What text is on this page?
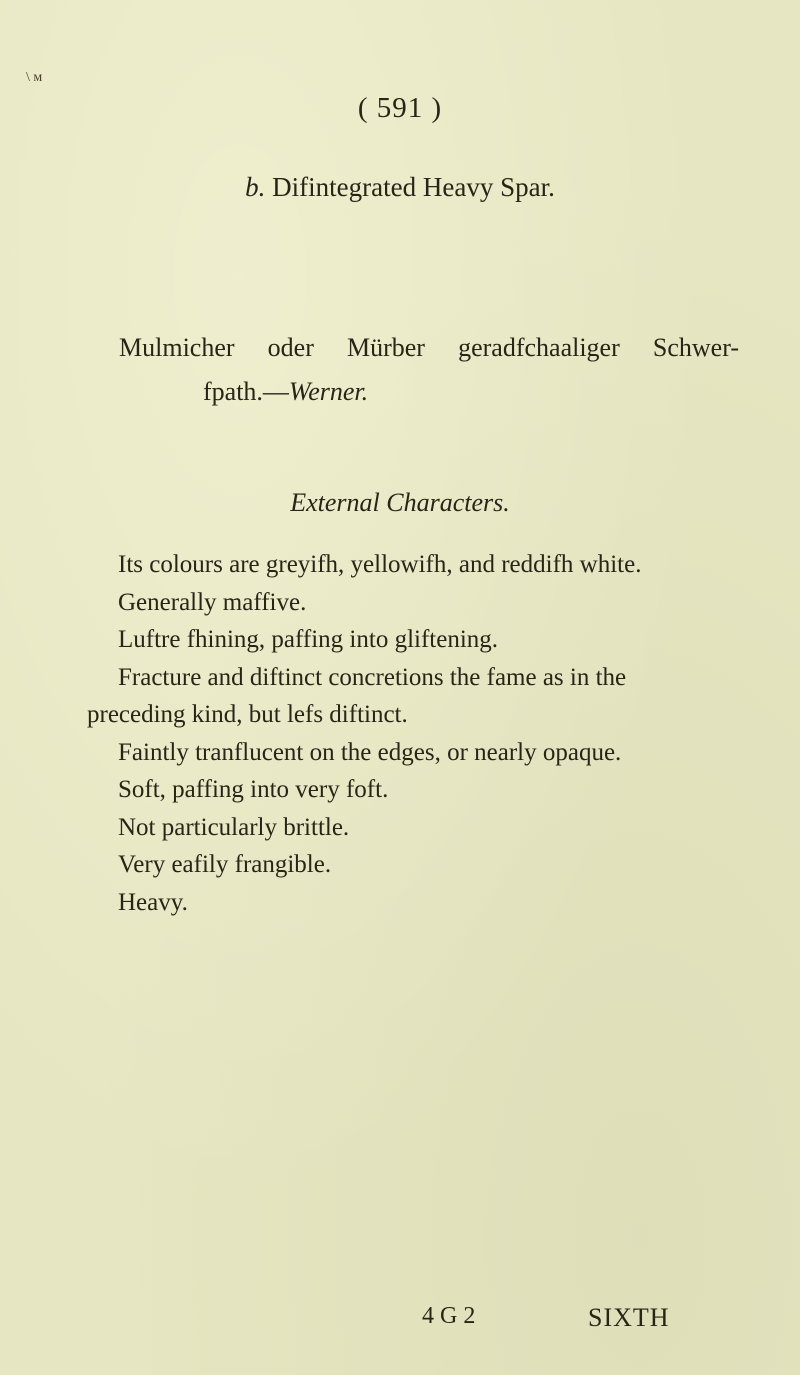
\ м
( 591 )
b. Difintegrated Heavy Spar.
Mulmicher oder Mürber geradfchaaliger Schwer-
fpath.—Werner.
External Characters.
Its colours are greyifh, yellowifh, and reddifh white.
Generally maffive.
Luftre fhining, paffing into gliftening.
Fracture and diftinct concretions the fame as in the
preceding kind, but lefs diftinct.
Faintly tranflucent on the edges, or nearly opaque.
Soft, paffing into very foft.
Not particularly brittle.
Very eafily frangible.
Heavy.
4 G 2	SIXTH
